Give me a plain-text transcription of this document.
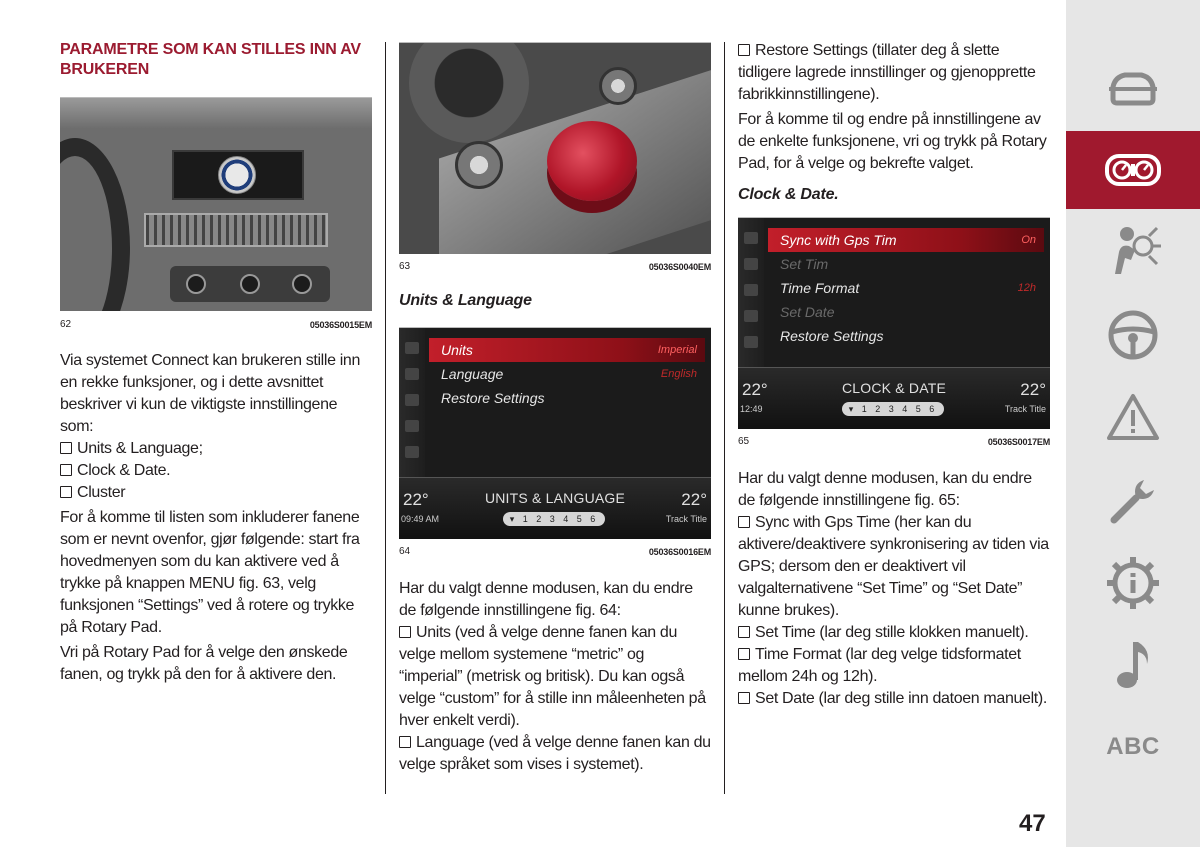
PARAMETRE SOM KAN STILLES INN AV BRUKEREN
62	05036S0015EM

Via systemet Connect kan brukeren stille inn en rekke funksjoner, og i dette avsnittet beskriver vi kun de viktigste innstillingene som:

Units & Language;
Clock & Date.
Cluster

For å komme til listen som inkluderer fanene som er nevnt ovenfor, gjør følgende: start fra hovedmenyen som du kan aktivere ved å trykke på knappen MENU fig. 63, velg funksjonen “Settings” ved å rotere og trykke på Rotary Pad.

Vri på Rotary Pad for å velge den ønskede fanen, og trykk på den for å aktivere den.

63	05036S0040EM
Units & Language
Units	Imperial
Language	English
Restore Settings
22°	UNITS & LANGUAGE	22°
09:49 AM	▾ 1 2 3 4 5 6	Track Title
64	05036S0016EM

Har du valgt denne modusen, kan du endre de følgende innstillingene fig. 64:

Units (ved å velge denne fanen kan du velge mellom systemene “metric” og “imperial” (metrisk og britisk). Du kan også velge “custom” for å stille inn måleenheten på hver enkelt verdi).
Language (ved å velge denne fanen kan du velge språket som vises i systemet).
Restore Settings (tillater deg å slette tidligere lagrede innstillinger og gjenopprette fabrikkinnstillingene).

For å komme til og endre på innstillingene av de enkelte funksjonene, vri og trykk på Rotary Pad, for å velge og bekrefte valget.

Clock & Date.
Sync with Gps Tim	On
Set Tim
Time Format	12h
Set Date
Restore Settings
22°	CLOCK & DATE	22°
12:49	▾ 1 2 3 4 5 6	Track Title
65	05036S0017EM

Har du valgt denne modusen, kan du endre de følgende innstillingene fig. 65:

Sync with Gps Time (her kan du aktivere/deaktivere synkronisering av tiden via GPS; dersom den er deaktivert vil valgalternativene “Set Time” og “Set Date” kunne brukes).
Set Time (lar deg stille klokken manuelt).
Time Format (lar deg velge tidsformatet mellom 24h og 12h).
Set Date (lar deg stille inn datoen manuelt).
ABC
47
